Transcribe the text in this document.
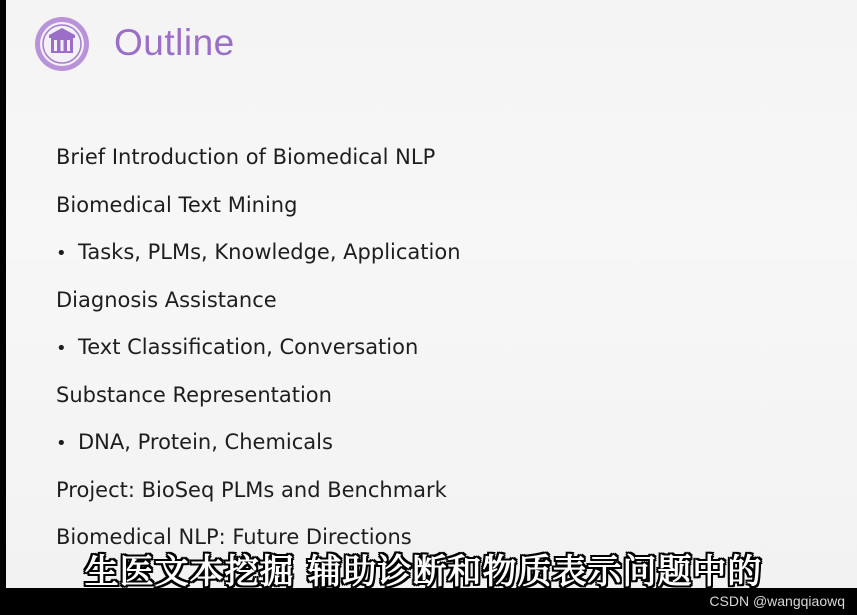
Outline
Brief Introduction of Biomedical NLP
Biomedical Text Mining
• Tasks, PLMs, Knowledge, Application
Diagnosis Assistance
• Text Classification, Conversation
Substance Representation
• DNA, Protein, Chemicals
Project: BioSeq PLMs and Benchmark
Biomedical NLP: Future Directions
生医文本挖掘 辅助诊断和物质表示问题中的
CSDN @wangqiaowq
